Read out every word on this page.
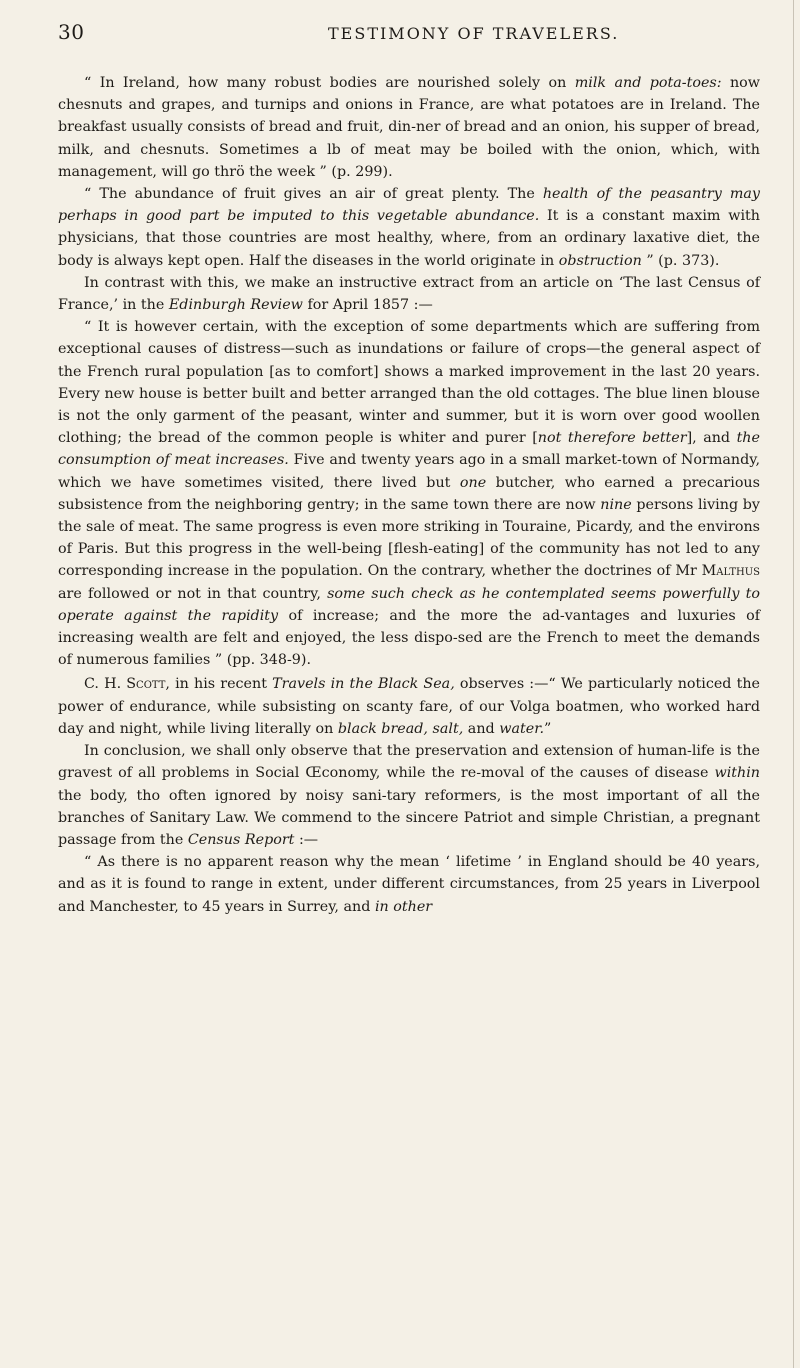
30	TESTIMONY OF TRAVELERS.

“ In Ireland, how many robust bodies are nourished solely on milk and pota-toes: now chesnuts and grapes, and turnips and onions in France, are what potatoes are in Ireland. The breakfast usually consists of bread and fruit, din-ner of bread and an onion, his supper of bread, milk, and chesnuts. Sometimes a lb of meat may be boiled with the onion, which, with management, will go thrö the week ” (p. 299).

“ The abundance of fruit gives an air of great plenty. The health of the peasantry may perhaps in good part be imputed to this vegetable abundance. It is a constant maxim with physicians, that those countries are most healthy, where, from an ordinary laxative diet, the body is always kept open. Half the diseases in the world originate in obstruction ” (p. 373).

In contrast with this, we make an instructive extract from an article on ‘The last Census of France,’ in the Edinburgh Review for April 1857 :—

“ It is however certain, with the exception of some departments which are suffering from exceptional causes of distress—such as inundations or failure of crops—the general aspect of the French rural population [as to comfort] shows a marked improvement in the last 20 years. Every new house is better built and better arranged than the old cottages. The blue linen blouse is not the only garment of the peasant, winter and summer, but it is worn over good woollen clothing; the bread of the common people is whiter and purer [not therefore better], and the consumption of meat increases. Five and twenty years ago in a small market-town of Normandy, which we have sometimes visited, there lived but one butcher, who earned a precarious subsistence from the neighboring gentry; in the same town there are now nine persons living by the sale of meat. The same progress is even more striking in Touraine, Picardy, and the environs of Paris. But this progress in the well-being [flesh-eating] of the community has not led to any corresponding increase in the population. On the contrary, whether the doctrines of Mr Malthus are followed or not in that country, some such check as he contemplated seems powerfully to operate against the rapidity of increase; and the more the ad-vantages and luxuries of increasing wealth are felt and enjoyed, the less dispo-sed are the French to meet the demands of numerous families ” (pp. 348-9).

C. H. Scott, in his recent Travels in the Black Sea, observes :—“ We particularly noticed the power of endurance, while subsisting on scanty fare, of our Volga boatmen, who worked hard day and night, while living literally on black bread, salt, and water.”

In conclusion, we shall only observe that the preservation and extension of human-life is the gravest of all problems in Social Œconomy, while the re-moval of the causes of disease within the body, tho often ignored by noisy sani-tary reformers, is the most important of all the branches of Sanitary Law. We commend to the sincere Patriot and simple Christian, a pregnant passage from the Census Report :—

“ As there is no apparent reason why the mean ‘ lifetime ’ in England should be 40 years, and as it is found to range in extent, under different circumstances, from 25 years in Liverpool and Manchester, to 45 years in Surrey, and in other
